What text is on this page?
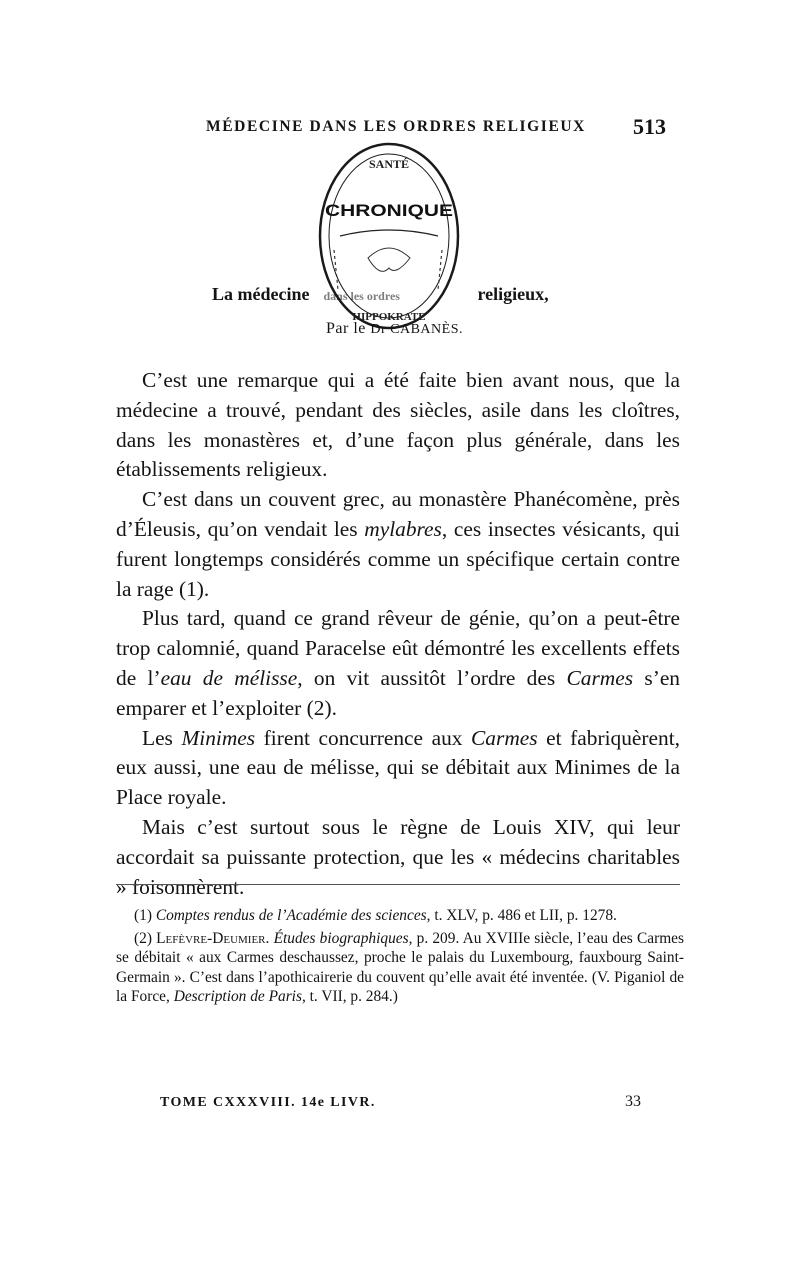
MÉDECINE DANS LES ORDRES RELIGIEUX 513
SANTÉ
CHRONIQUE
HIPPOKRATE
La médecine dans les ordres	religieux,
Par le Dr CABANÈS.

C’est une remarque qui a été faite bien avant nous, que la médecine a trouvé, pendant des siècles, asile dans les cloîtres, dans les monastères et, d’une façon plus générale, dans les établissements religieux.

C’est dans un couvent grec, au monastère Phanécomène, près d’Éleusis, qu’on vendait les mylabres, ces insectes vésicants, qui furent longtemps considérés comme un spécifique certain contre la rage (1).

Plus tard, quand ce grand rêveur de génie, qu’on a peut-être trop calomnié, quand Paracelse eût démontré les excellents effets de l’eau de mélisse, on vit aussitôt l’ordre des Carmes s’en emparer et l’exploiter (2).

Les Minimes firent concurrence aux Carmes et fabriquèrent, eux aussi, une eau de mélisse, qui se débitait aux Minimes de la Place royale.

Mais c’est surtout sous le règne de Louis XIV, qui leur accordait sa puissante protection, que les « médecins charitables » foisonnèrent.

(1) Comptes rendus de l’Académie des sciences, t. XLV, p. 486 et LII, p. 1278.

(2) Lefèvre-Deumier. Études biographiques, p. 209. Au XVIIIe siècle, l’eau des Carmes se débitait « aux Carmes deschaussez, proche le palais du Luxembourg, fauxbourg Saint-Germain ». C’est dans l’apothicairerie du couvent qu’elle avait été inventée. (V. Piganiol de la Force, Description de Paris, t. VII, p. 284.)

TOME CXXXVIII. 14e LIVR.	33
